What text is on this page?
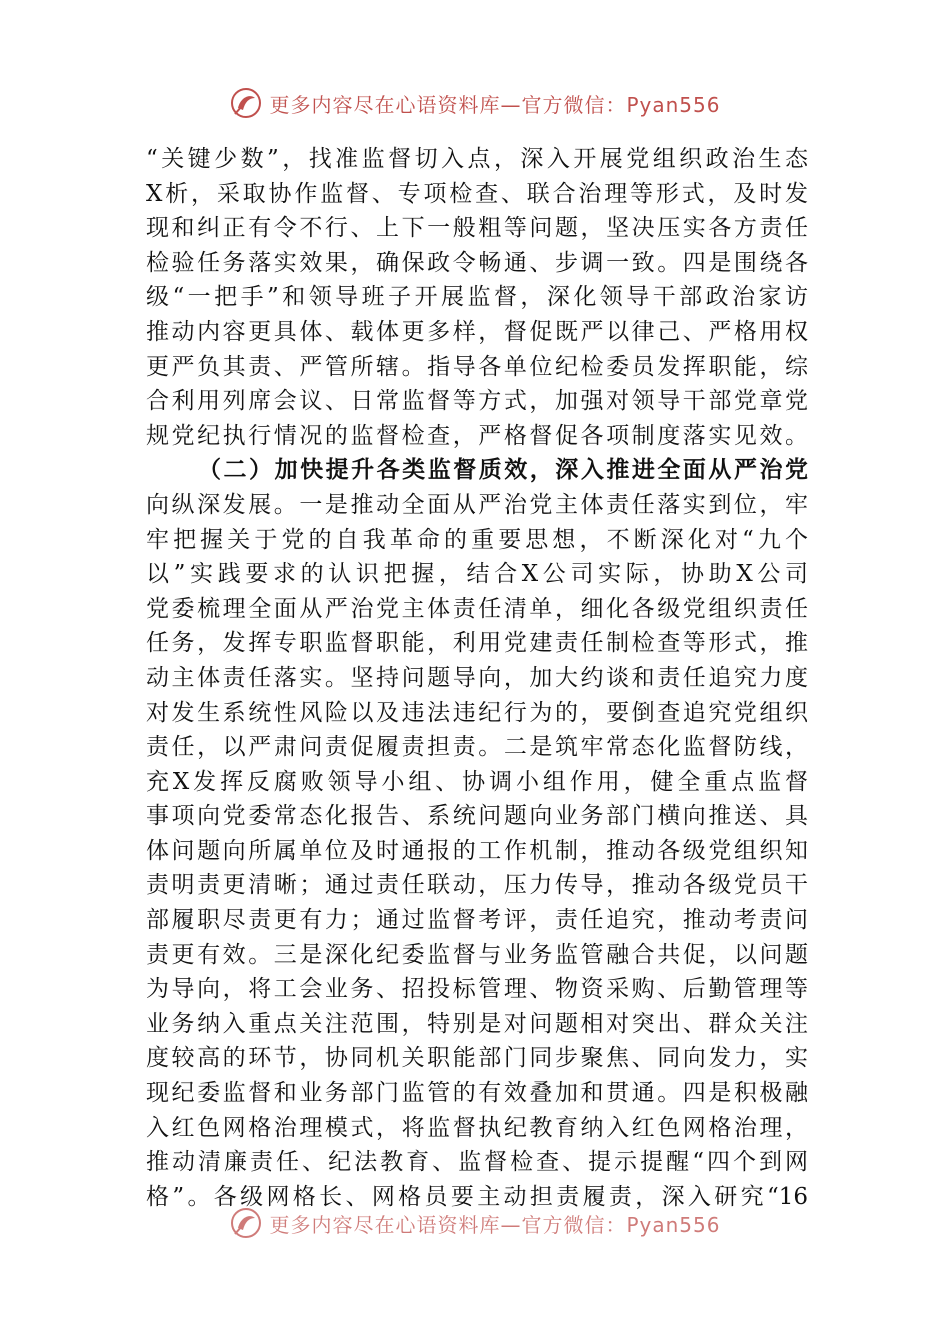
更多内容尽在心语资料库—官方微信：Pyan556
“关键少数”，找准监督切入点，深入开展党组织政治生态
X析，采取协作监督、专项检查、联合治理等形式，及时发
现和纠正有令不行、上下一般粗等问题，坚决压实各方责任
检验任务落实效果，确保政令畅通、步调一致。四是围绕各
级“一把手”和领导班子开展监督，深化领导干部政治家访
推动内容更具体、载体更多样，督促既严以律己、严格用权
更严负其责、严管所辖。指导各单位纪检委员发挥职能，综
合利用列席会议、日常监督等方式，加强对领导干部党章党
规党纪执行情况的监督检查，严格督促各项制度落实见效。
（二）加快提升各类监督质效，深入推进全面从严治党
向纵深发展。一是推动全面从严治党主体责任落实到位，牢
牢把握关于党的自我革命的重要思想，不断深化对“九个
以”实践要求的认识把握，结合X公司实际，协助X公司
党委梳理全面从严治党主体责任清单，细化各级党组织责任
任务，发挥专职监督职能，利用党建责任制检查等形式，推
动主体责任落实。坚持问题导向，加大约谈和责任追究力度
对发生系统性风险以及违法违纪行为的，要倒查追究党组织
责任，以严肃问责促履责担责。二是筑牢常态化监督防线，
充X发挥反腐败领导小组、协调小组作用，健全重点监督
事项向党委常态化报告、系统问题向业务部门横向推送、具
体问题向所属单位及时通报的工作机制，推动各级党组织知
责明责更清晰；通过责任联动，压力传导，推动各级党员干
部履职尽责更有力；通过监督考评，责任追究，推动考责问
责更有效。三是深化纪委监督与业务监管融合共促，以问题
为导向，将工会业务、招投标管理、物资采购、后勤管理等
业务纳入重点关注范围，特别是对问题相对突出、群众关注
度较高的环节，协同机关职能部门同步聚焦、同向发力，实
现纪委监督和业务部门监管的有效叠加和贯通。四是积极融
入红色网格治理模式，将监督执纪教育纳入红色网格治理，
推动清廉责任、纪法教育、监督检查、提示提醒“四个到网
格”。各级网格长、网格员要主动担责履责，深入研究“16
更多内容尽在心语资料库—官方微信：Pyan556
